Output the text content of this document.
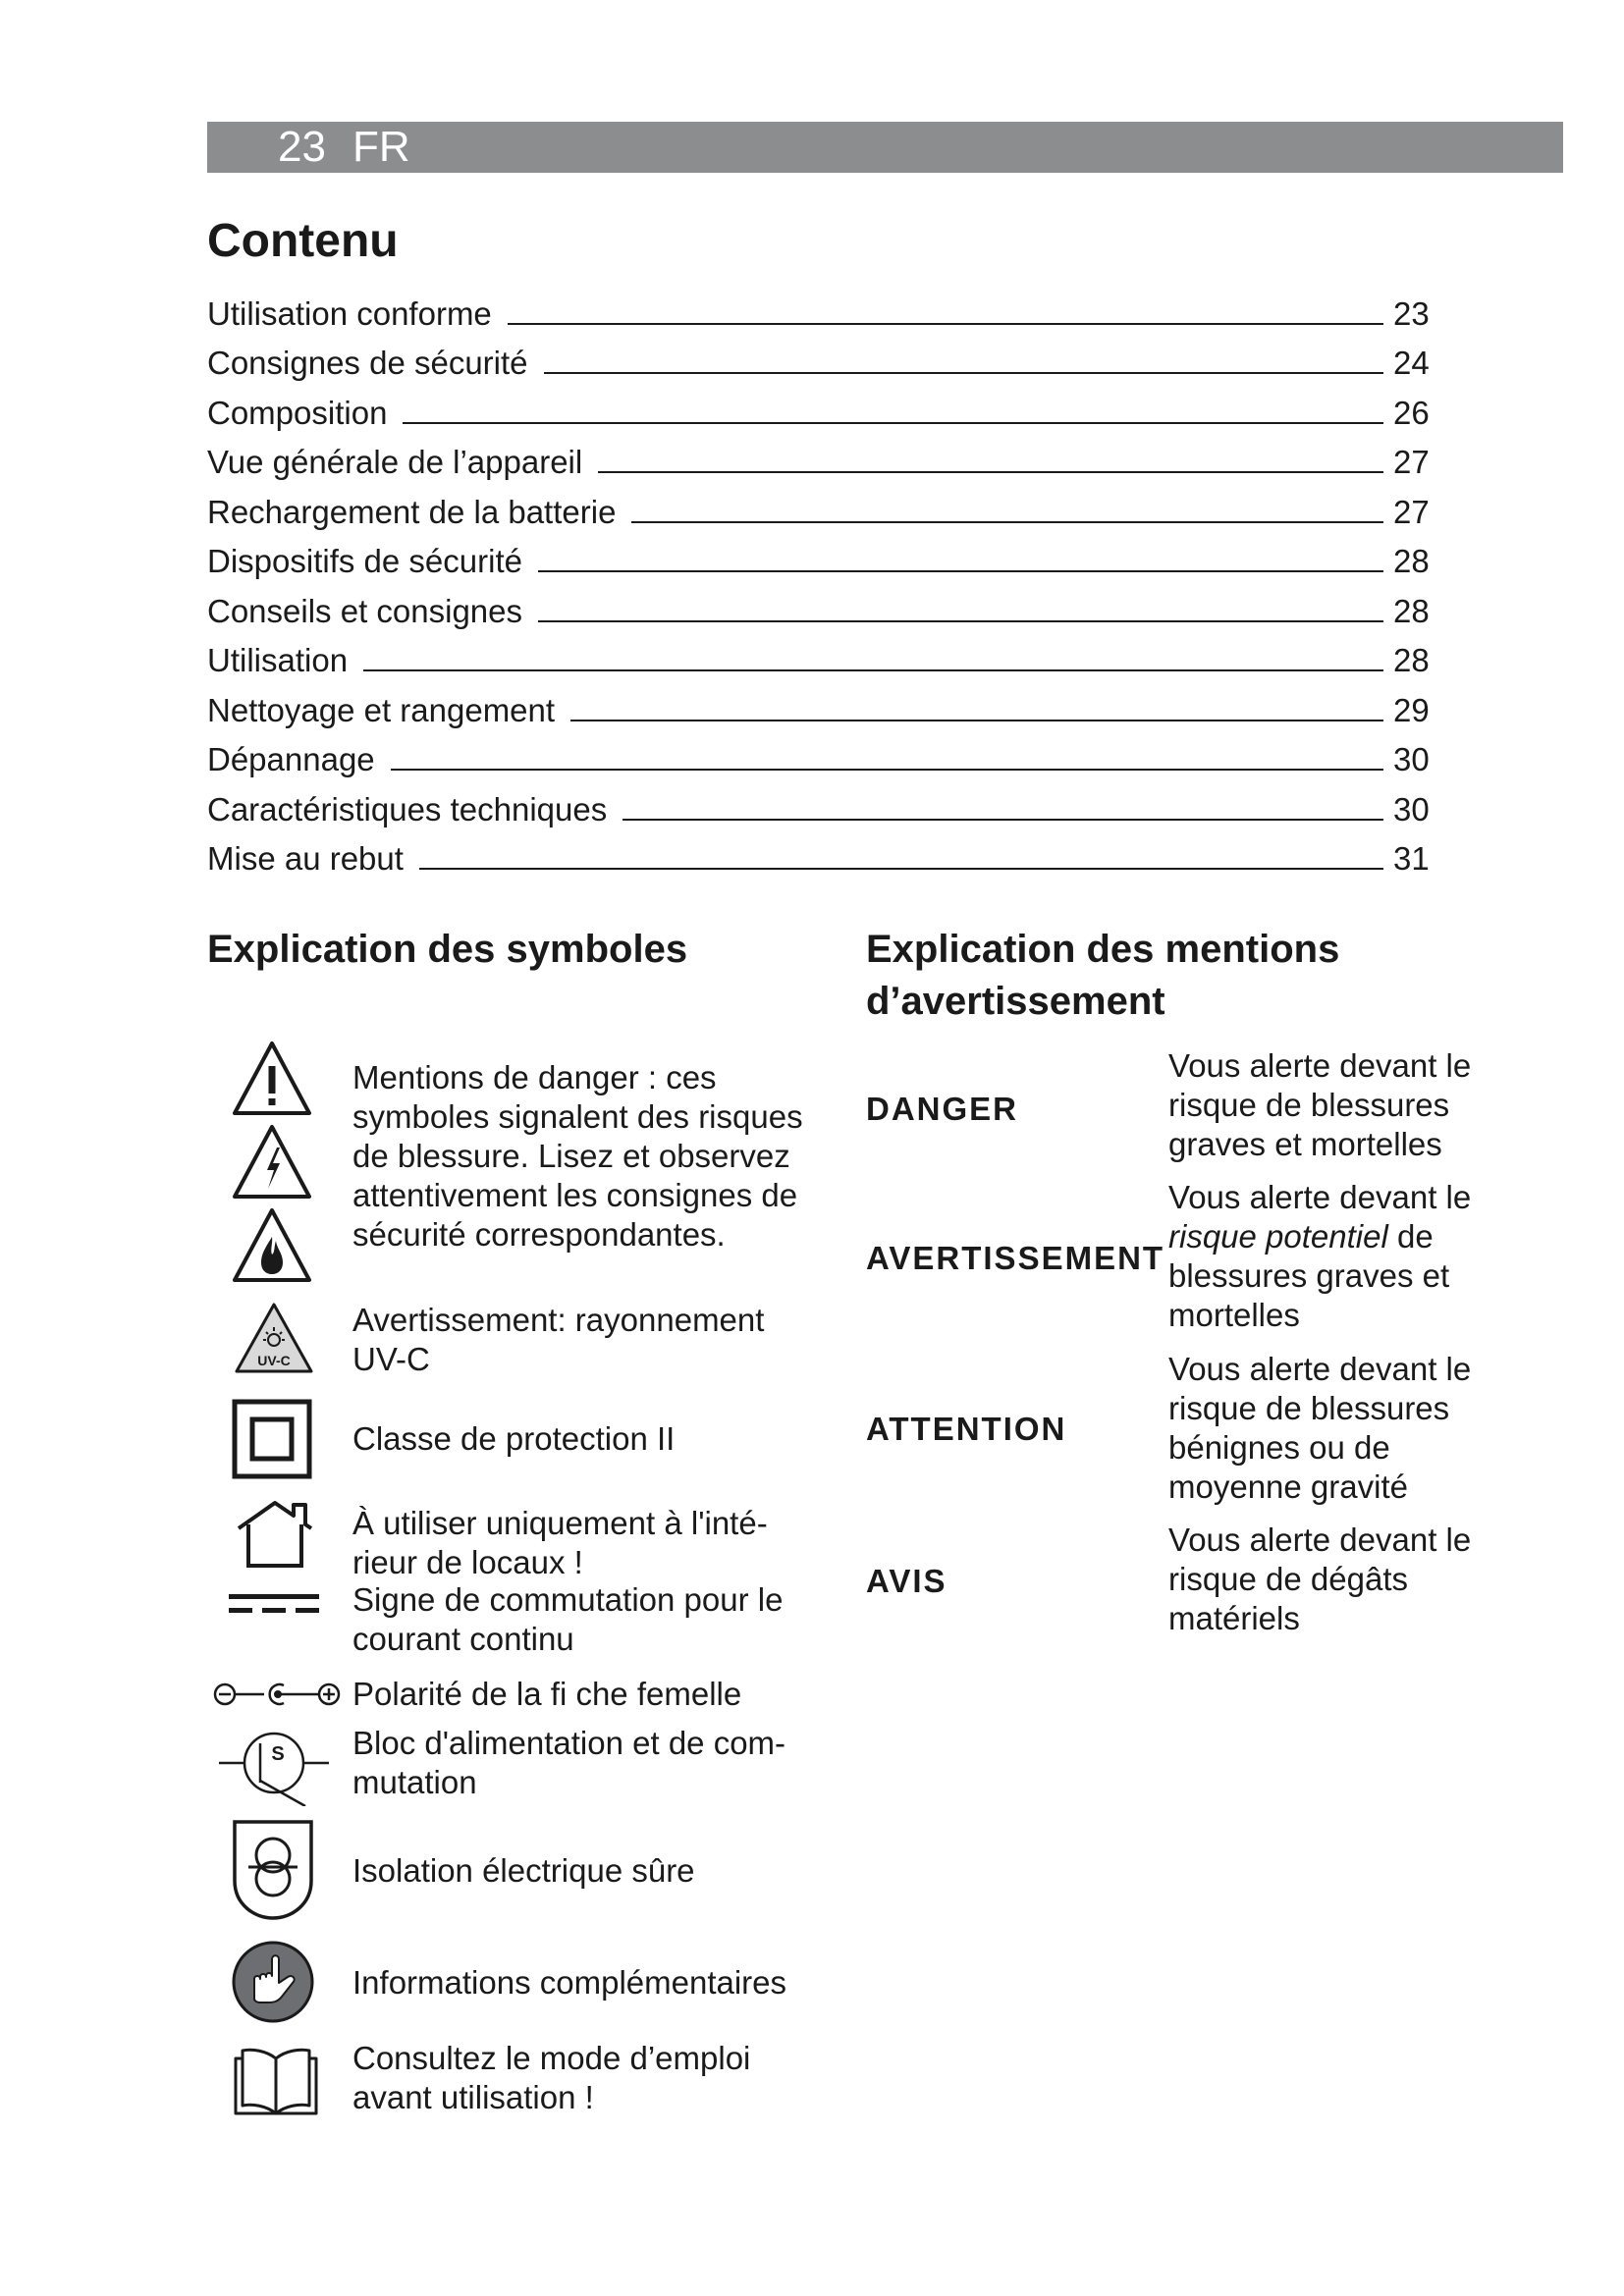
23 FR
Contenu
Utilisation conforme	23
Consignes de sécurité	24
Composition	26
Vue générale de l’appareil	27
Rechargement de la batterie	27
Dispositifs de sécurité	28
Conseils et consignes	28
Utilisation	28
Nettoyage et rangement	29
Dépannage	30
Caractéristiques techniques	30
Mise au rebut	31
Explication des symboles
Mentions de danger : ces symboles signalent des risques de blessure. Lisez et observez attentivement les consignes de sécurité correspondantes.
UV-C
Avertissement: rayonnement UV-C
Classe de protection II
À utiliser uniquement à l'inté-rieur de locaux !
Signe de commutation pour le courant continu
Polarité de la fi che femelle
S Bloc d'alimentation et de com-mutation
Isolation électrique sûre
Informations complémentaires
Consultez le mode d’emploi avant utilisation !
Explication des mentions d’avertissement
DANGER
Vous alerte devant le risque de blessures graves et mortelles
AVERTISSEMENT
Vous alerte devant le risque potentiel de blessures graves et mortelles
ATTENTION
Vous alerte devant le risque de blessures bénignes ou de moyenne gravité
AVIS
Vous alerte devant le risque de dégâts matériels
